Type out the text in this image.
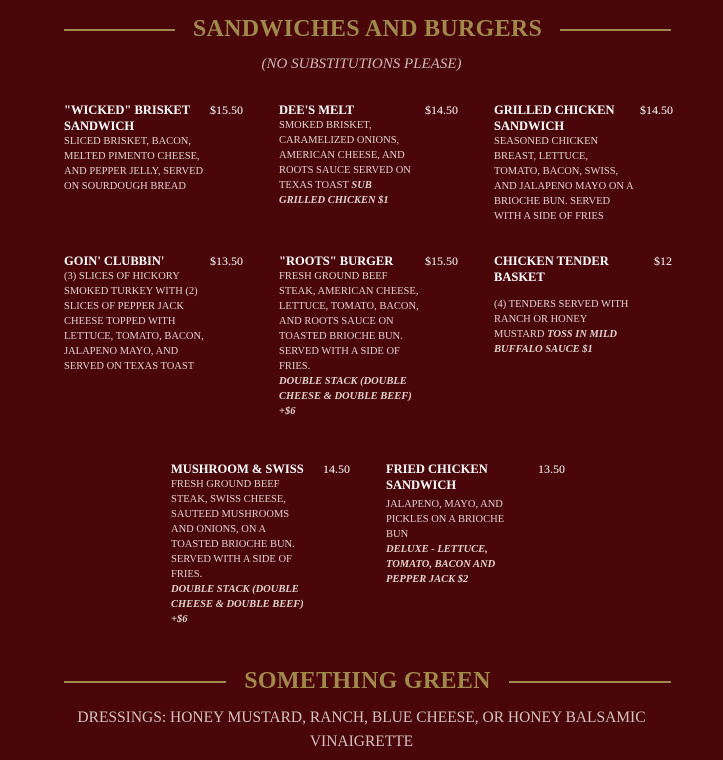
SANDWICHES AND BURGERS
(NO SUBSTITUTIONS PLEASE)
"WICKED" BRISKET SANDWICH
$15.50
SLICED BRISKET, BACON, MELTED PIMENTO CHEESE, AND PEPPER JELLY, SERVED ON SOURDOUGH BREAD
DEE'S MELT	$14.50
SMOKED BRISKET, CARAMELIZED ONIONS, AMERICAN CHEESE, AND ROOTS SAUCE SERVED ON TEXAS TOAST SUB GRILLED CHICKEN $1
GRILLED CHICKEN SANDWICH
$14.50
SEASONED CHICKEN BREAST, LETTUCE, TOMATO, BACON, SWISS, AND JALAPENO MAYO ON A BRIOCHE BUN. SERVED WITH A SIDE OF FRIES
GOIN' CLUBBIN'	$13.50
(3) SLICES OF HICKORY SMOKED TURKEY WITH (2) SLICES OF PEPPER JACK CHEESE TOPPED WITH LETTUCE, TOMATO, BACON, JALAPENO MAYO, AND SERVED ON TEXAS TOAST
"ROOTS" BURGER	$15.50
FRESH GROUND BEEF STEAK, AMERICAN CHEESE, LETTUCE, TOMATO, BACON, AND ROOTS SAUCE ON TOASTED BRIOCHE BUN. SERVED WITH A SIDE OF FRIES.
DOUBLE STACK (DOUBLE CHEESE & DOUBLE BEEF) +$6
CHICKEN TENDER BASKET
$12
(4) TENDERS SERVED WITH RANCH OR HONEY MUSTARD TOSS IN MILD BUFFALO SAUCE $1
MUSHROOM & SWISS	14.50
FRESH GROUND BEEF STEAK, SWISS CHEESE, SAUTEED MUSHROOMS AND ONIONS, ON A TOASTED BRIOCHE BUN. SERVED WITH A SIDE OF FRIES.
DOUBLE STACK (DOUBLE CHEESE & DOUBLE BEEF) +$6
FRIED CHICKEN SANDWICH
13.50
JALAPENO, MAYO, AND PICKLES ON A BRIOCHE BUN
DELUXE - LETTUCE, TOMATO, BACON AND PEPPER JACK $2
SOMETHING GREEN
DRESSINGS: HONEY MUSTARD, RANCH, BLUE CHEESE, OR HONEY BALSAMIC VINAIGRETTE
